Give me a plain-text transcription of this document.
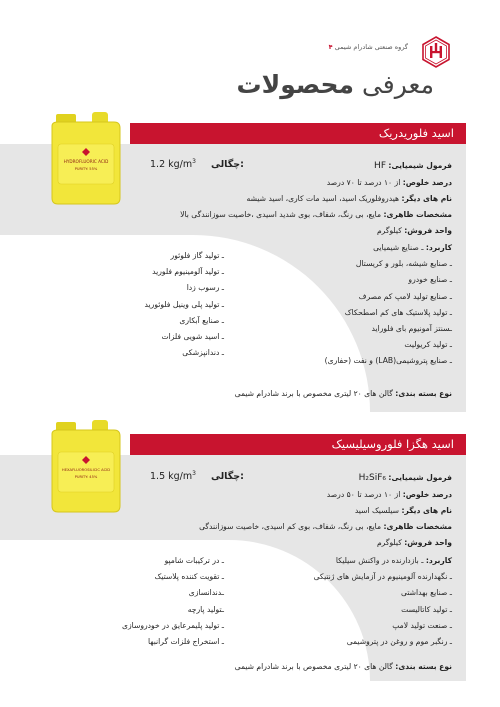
گروه صنعتی شادرام شیمی ۴
معرفی محصولات
اسید فلوریدریک
HYDROFLUORIC ACID
PURITY: 55%	1.2 $kg/m^3$ چگالی:	فرمول شیمیایی: HF
درصد خلوص: از ۱۰ درصد تا ۷۰ درصد
نام های دیگر: هیدروفلوریک اسید، اسید مات کاری، اسید شیشه
مشخصات ظاهری: مایع، بی رنگ، شفاف، بوی شدید اسیدی ،خاصیت سوزانندگی بالا
واحد فروش: کیلوگرم
کاربرد: ـ صنایع شیمیایی
ـ صنایع شیشه، بلور و کریستال
ـ صنایع خودرو
ـ صنایع تولید لامپ کم مصرف
ـ تولید پلاستیک های کم اصطحکاک
ـسنتز آمونیوم بای فلوراید
ـ تولید کریولیت
ـ صنایع پتروشیمی(LAB) و نفت (حفاری)
ـ تولید گاز فلوئور
ـ تولید آلومینیوم فلورید
ـ رسوب زدا
ـ تولید پلی وینیل فلوئورید
ـ صنایع آبکاری
ـ اسید شویی فلزات
ـ دندانپزشکی
نوع بسته بندی: گالن های ۲۰ لیتری مخصوص با برند شادرام شیمی
اسید هگزا فلوروسیلیسیک
HEXAFLUOROSILICIC ACID
PURITY: 45%	1.5 $kg/m^3$ چگالی:	فرمول شیمیایی: H₂SiF₆
درصد خلوص: از ۱۰ درصد تا ۵۰ درصد
نام های دیگر: سیلسیک اسید
مشخصات ظاهری: مایع، بی رنگ، شفاف، بوی کم اسیدی، خاصیت سوزانندگی
واحد فروش: کیلوگرم
کاربرد: ـ بازدارنده در واکنش سیلیکا
ـ نگهدارنده آلومینیوم در آزمایش های ژنتیکی
ـ صنایع بهداشتی
ـ تولید کاتالیست
ـ صنعت تولید لامپ
ـ رنگبر موم و روغن در پتروشیمی
ـ در ترکیبات شامپو
ـ تقویت کننده پلاستیک
ـدندانسازی
ـتولید پارچه
ـ تولید پلیمرعایق در خودروسازی
ـ استخراج فلزات گرانبها
نوع بسته بندی: گالن های ۲۰ لیتری مخصوص با برند شادرام شیمی
